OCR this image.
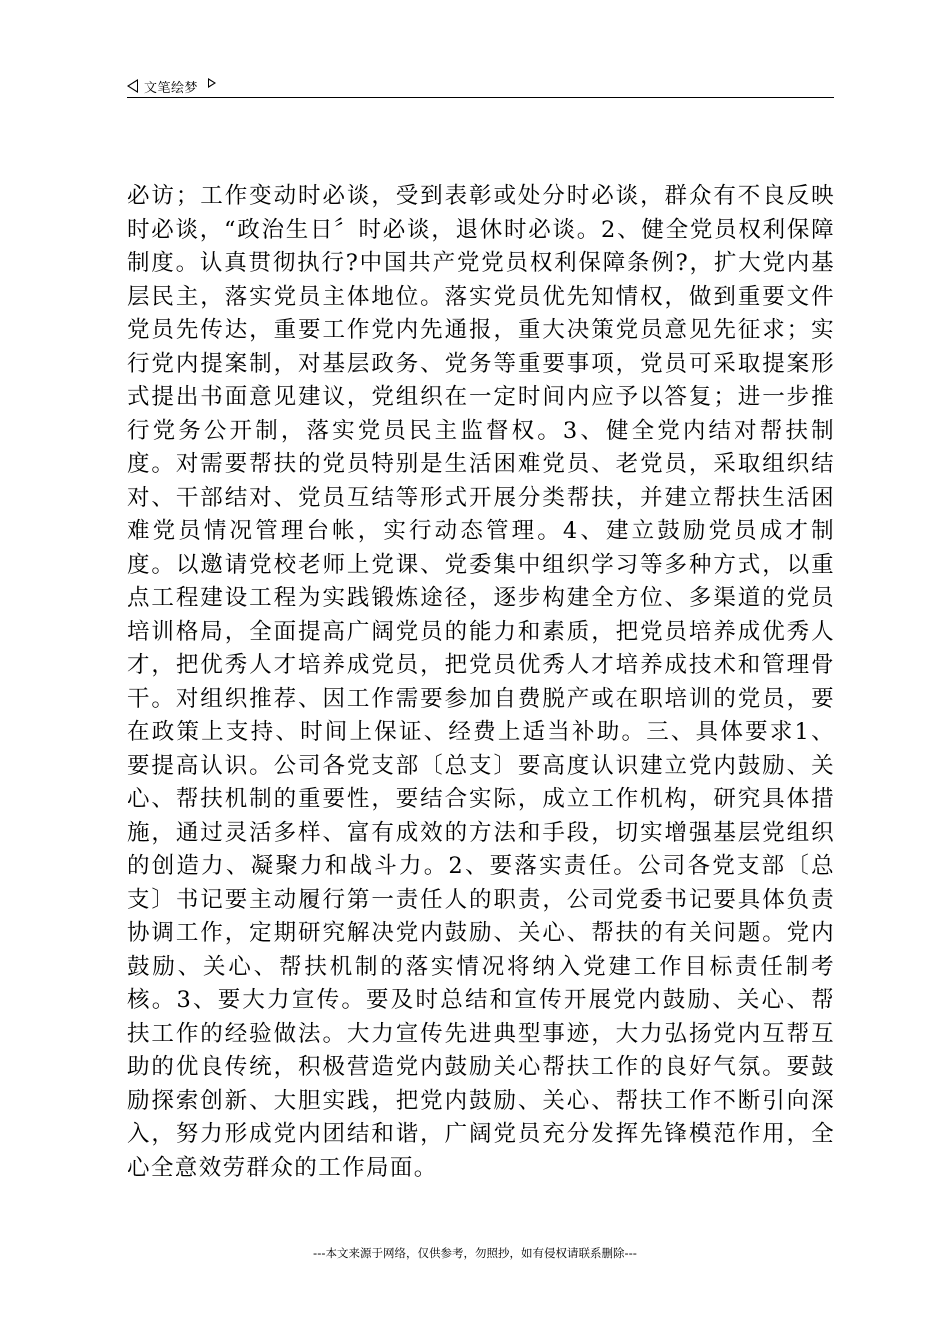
文笔绘梦

必访；工作变动时必谈，受到表彰或处分时必谈，群众有不良反映时必谈，“政治生日〞时必谈，退休时必谈。2、健全党员权利保障制度。认真贯彻执行?中国共产党党员权利保障条例?，扩大党内基层民主，落实党员主体地位。落实党员优先知情权，做到重要文件党员先传达，重要工作党内先通报，重大决策党员意见先征求；实行党内提案制，对基层政务、党务等重要事项，党员可采取提案形式提出书面意见建议，党组织在一定时间内应予以答复；进一步推行党务公开制，落实党员民主监督权。3、健全党内结对帮扶制度。对需要帮扶的党员特别是生活困难党员、老党员，采取组织结对、干部结对、党员互结等形式开展分类帮扶，并建立帮扶生活困难党员情况管理台帐，实行动态管理。4、建立鼓励党员成才制度。以邀请党校老师上党课、党委集中组织学习等多种方式，以重点工程建设工程为实践锻炼途径，逐步构建全方位、多渠道的党员培训格局，全面提高广阔党员的能力和素质，把党员培养成优秀人才，把优秀人才培养成党员，把党员优秀人才培养成技术和管理骨干。对组织推荐、因工作需要参加自费脱产或在职培训的党员，要在政策上支持、时间上保证、经费上适当补助。三、具体要求1、要提高认识。公司各党支部〔总支〕要高度认识建立党内鼓励、关心、帮扶机制的重要性，要结合实际，成立工作机构，研究具体措施，通过灵活多样、富有成效的方法和手段，切实增强基层党组织的创造力、凝聚力和战斗力。2、要落实责任。公司各党支部〔总支〕书记要主动履行第一责任人的职责，公司党委书记要具体负责协调工作，定期研究解决党内鼓励、关心、帮扶的有关问题。党内鼓励、关心、帮扶机制的落实情况将纳入党建工作目标责任制考核。3、要大力宣传。要及时总结和宣传开展党内鼓励、关心、帮扶工作的经验做法。大力宣传先进典型事迹，大力弘扬党内互帮互助的优良传统，积极营造党内鼓励关心帮扶工作的良好气氛。要鼓励探索创新、大胆实践，把党内鼓励、关心、帮扶工作不断引向深入，努力形成党内团结和谐，广阔党员充分发挥先锋模范作用，全心全意效劳群众的工作局面。

---本文来源于网络，仅供参考，勿照抄，如有侵权请联系删除---
